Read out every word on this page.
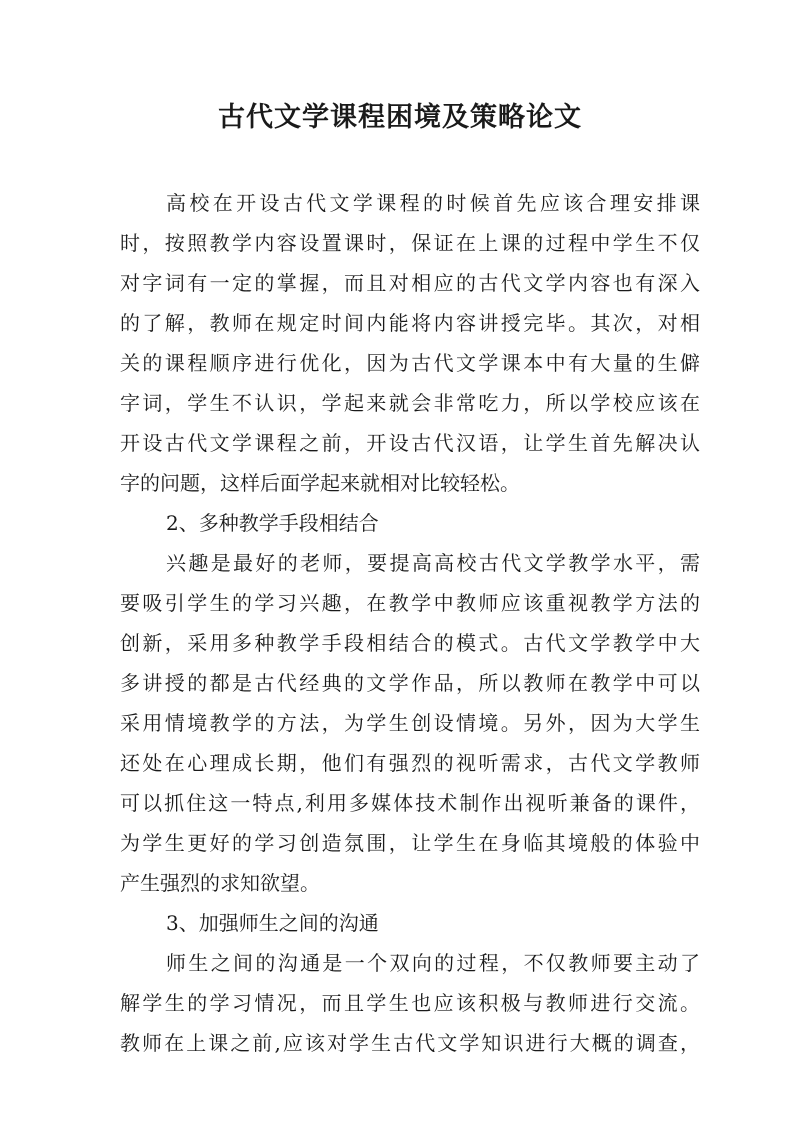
古代文学课程困境及策略论文
高校在开设古代文学课程的时候首先应该合理安排课
时，按照教学内容设置课时，保证在上课的过程中学生不仅
对字词有一定的掌握，而且对相应的古代文学内容也有深入
的了解，教师在规定时间内能将内容讲授完毕。其次，对相
关的课程顺序进行优化，因为古代文学课本中有大量的生僻
字词，学生不认识，学起来就会非常吃力，所以学校应该在
开设古代文学课程之前，开设古代汉语，让学生首先解决认
字的问题，这样后面学起来就相对比较轻松。
2、多种教学手段相结合
兴趣是最好的老师，要提高高校古代文学教学水平，需
要吸引学生的学习兴趣，在教学中教师应该重视教学方法的
创新，采用多种教学手段相结合的模式。古代文学教学中大
多讲授的都是古代经典的文学作品，所以教师在教学中可以
采用情境教学的方法，为学生创设情境。另外，因为大学生
还处在心理成长期，他们有强烈的视听需求，古代文学教师
可以抓住这一特点,利用多媒体技术制作出视听兼备的课件，
为学生更好的学习创造氛围，让学生在身临其境般的体验中
产生强烈的求知欲望。
3、加强师生之间的沟通
师生之间的沟通是一个双向的过程，不仅教师要主动了
解学生的学习情况，而且学生也应该积极与教师进行交流。
教师在上课之前,应该对学生古代文学知识进行大概的调查，
